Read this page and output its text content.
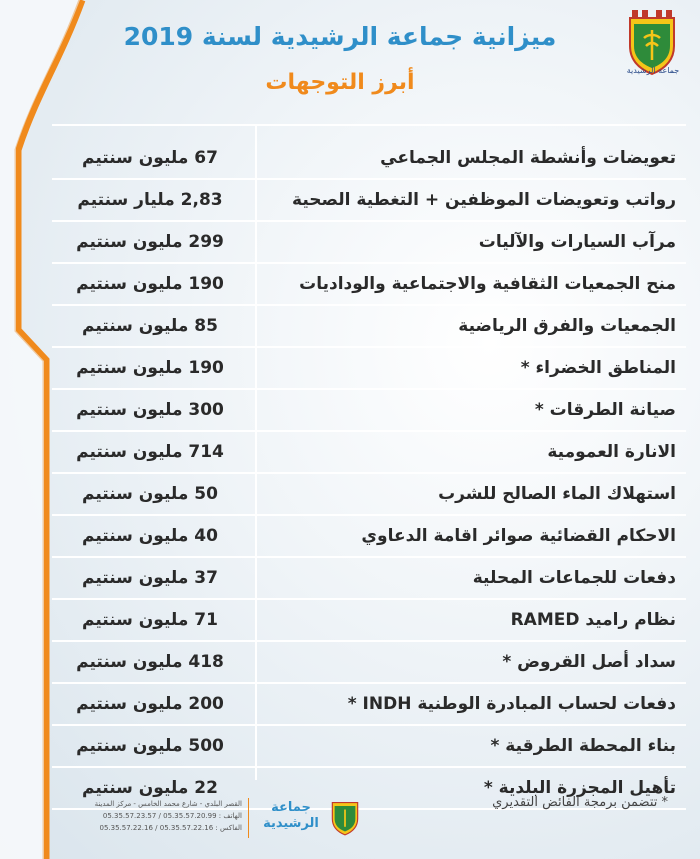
جماعة الرشيدية
ميزانية جماعة الرشيدية لسنة 2019
أبرز التوجهات
تعويضات وأنشطة المجلس الجماعي
67 مليون سنتيم
رواتب وتعويضات الموظفين + التغطية الصحية
2,83 مليار سنتيم
مرآب السيارات والآليات
299 مليون سنتيم
منح الجمعيات الثقافية والاجتماعية والوداديات
190 مليون سنتيم
الجمعيات والفرق الرياضية
85 مليون سنتيم
المناطق الخضراء *
190 مليون سنتيم
صيانة الطرقات *
300 مليون سنتيم
الانارة العمومية
714 مليون سنتيم
استهلاك الماء الصالح للشرب
50 مليون سنتيم
الاحكام القضائية صوائر اقامة الدعاوي
40 مليون سنتيم
دفعات للجماعات المحلية
37 مليون سنتيم
نظام راميد RAMED
71 مليون سنتيم
سداد أصل القروض *
418 مليون سنتيم
دفعات لحساب المبادرة الوطنية INDH *
200 مليون سنتيم
بناء المحطة الطرقية *
500 مليون سنتيم
تأهيل المجزرة البلدية *
22 مليون سنتيم
* تتضمن برمجة الفائض التقديري
جماعة
الرشيدية
القصر البلدي - شارع محمد الخامس - مركز المدينة
الهاتف : 05.35.57.20.99 / 05.35.57.23.57
الفاكس : 05.35.57.22.16 / 05.35.57.22.16
